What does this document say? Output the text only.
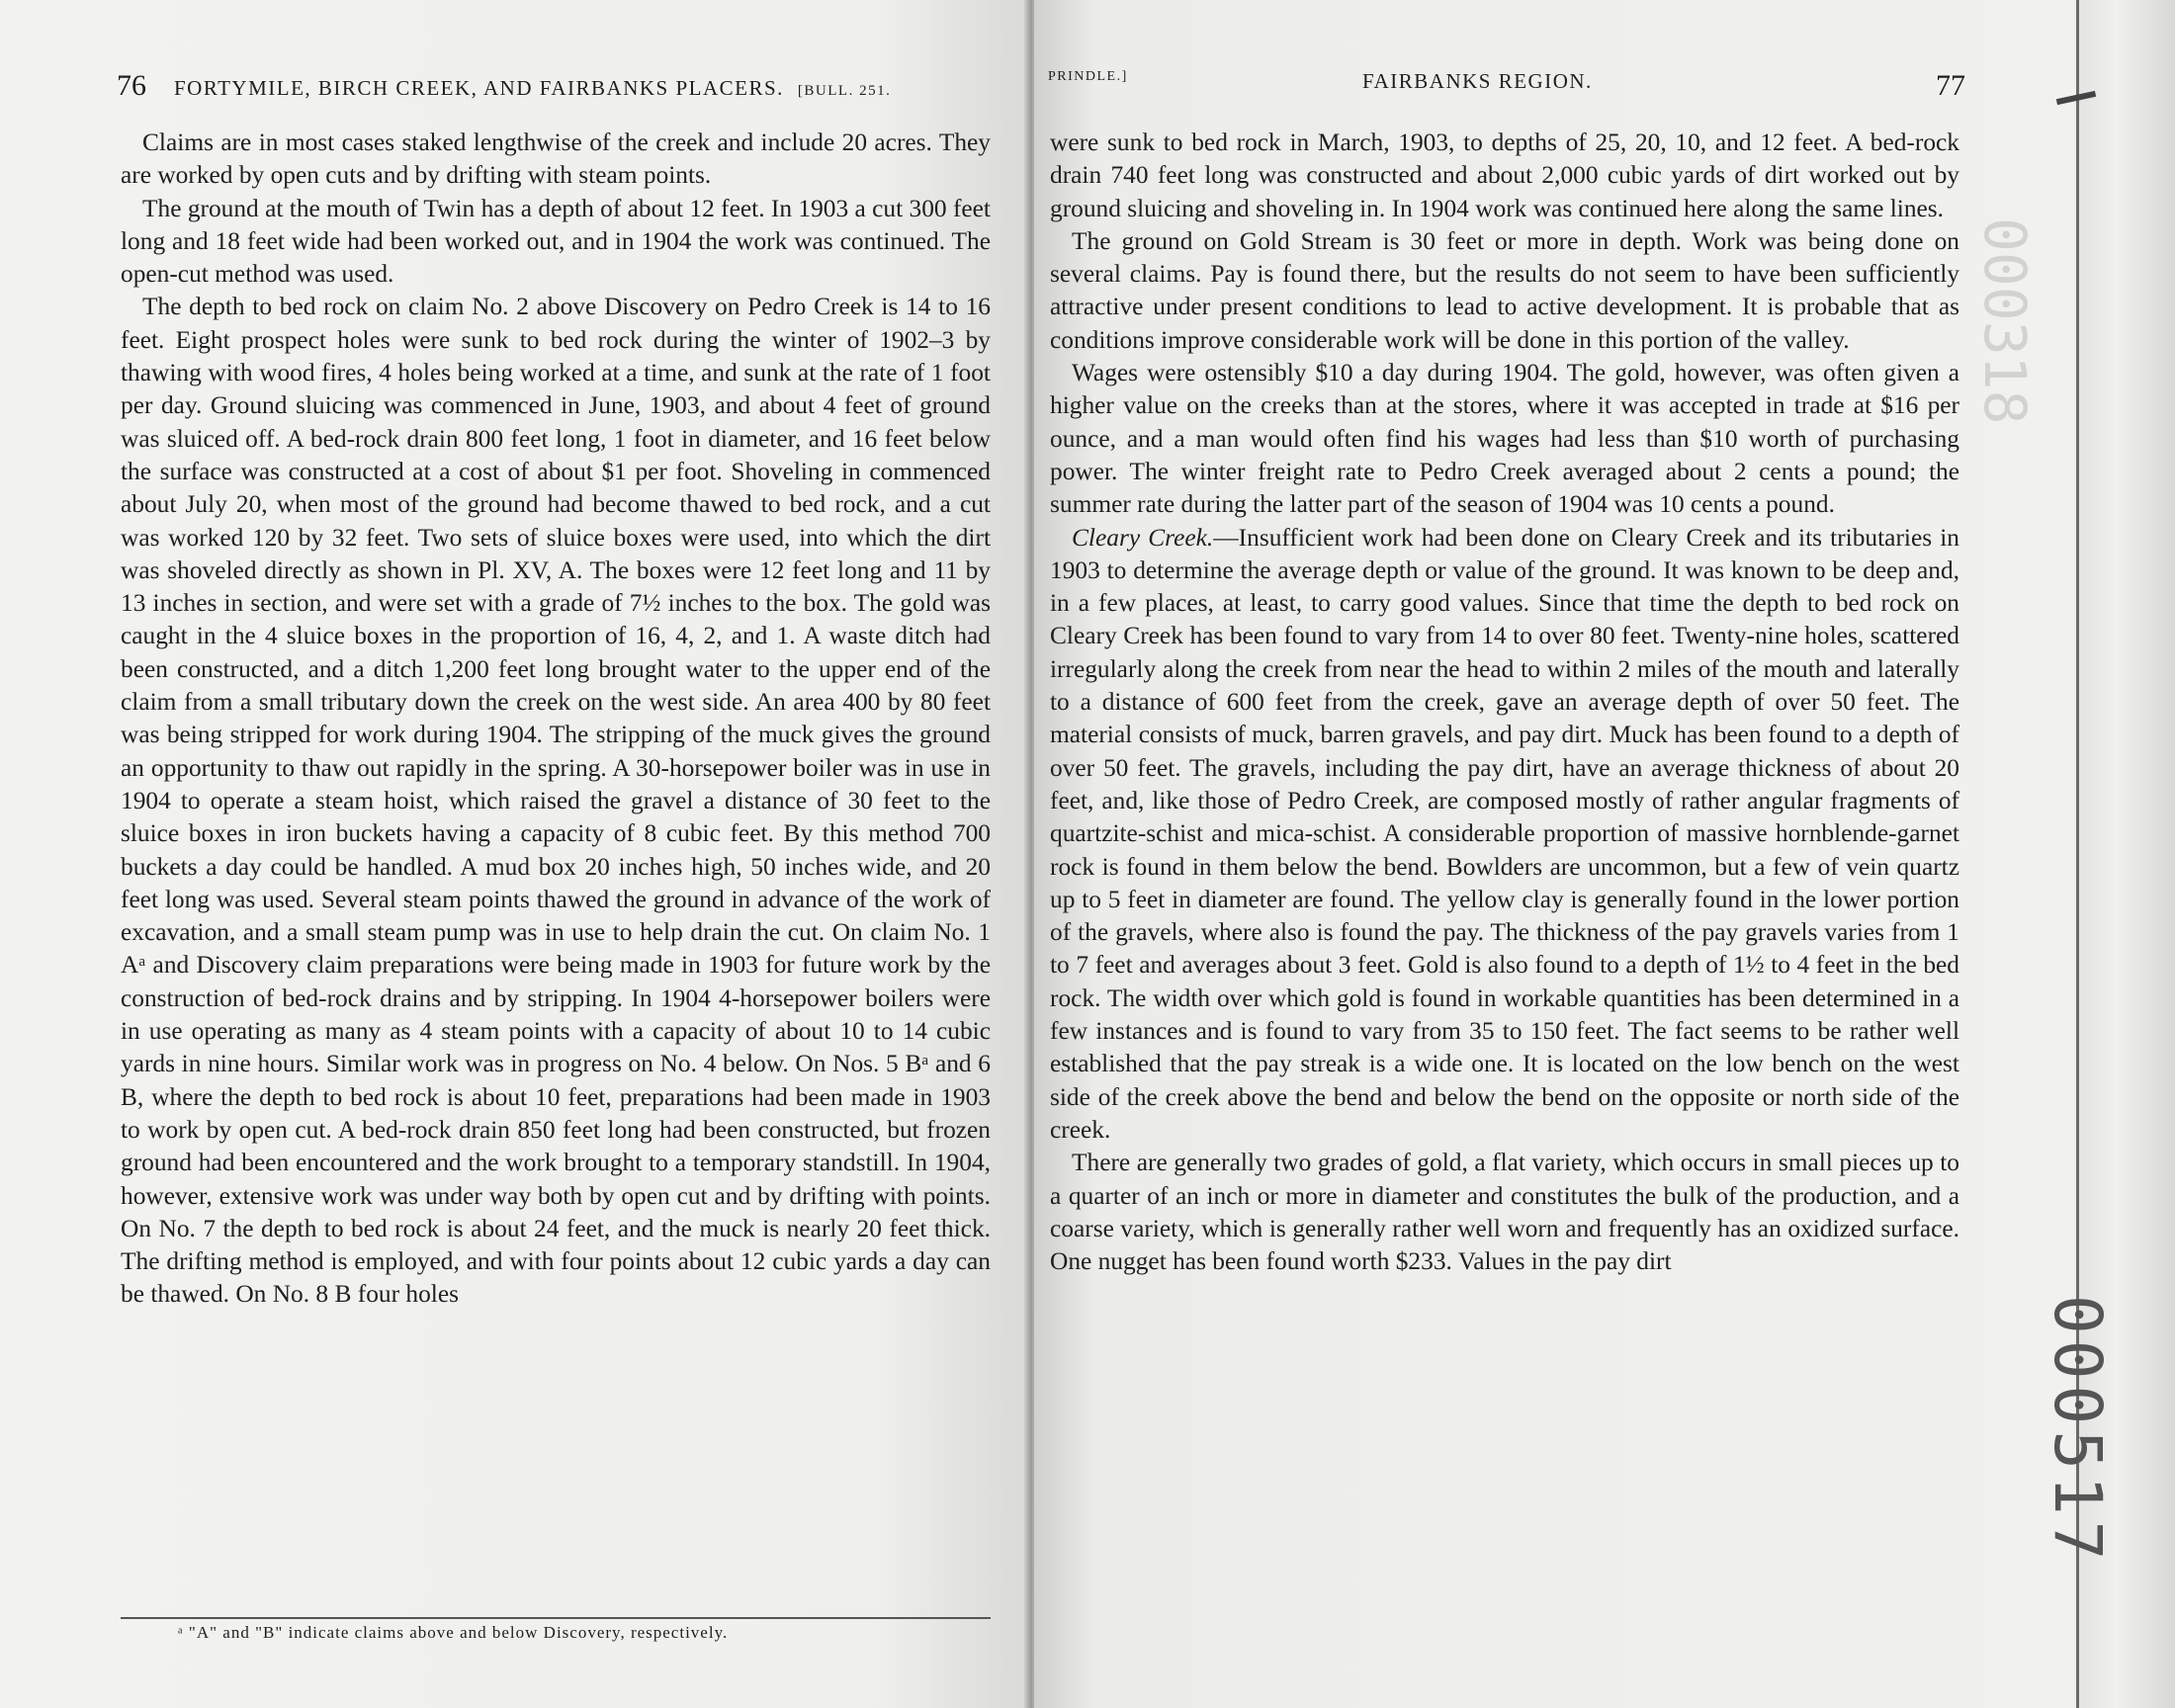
76 FORTYMILE, BIRCH CREEK, AND FAIRBANKS PLACERS. [BULL. 251.

Claims are in most cases staked lengthwise of the creek and include 20 acres. They are worked by open cuts and by drifting with steam points.

The ground at the mouth of Twin has a depth of about 12 feet. In 1903 a cut 300 feet long and 18 feet wide had been worked out, and in 1904 the work was continued. The open-cut method was used.

The depth to bed rock on claim No. 2 above Discovery on Pedro Creek is 14 to 16 feet. Eight prospect holes were sunk to bed rock during the winter of 1902–3 by thawing with wood fires, 4 holes being worked at a time, and sunk at the rate of 1 foot per day. Ground sluicing was commenced in June, 1903, and about 4 feet of ground was sluiced off. A bed-rock drain 800 feet long, 1 foot in diameter, and 16 feet below the surface was constructed at a cost of about $1 per foot. Shoveling in commenced about July 20, when most of the ground had become thawed to bed rock, and a cut was worked 120 by 32 feet. Two sets of sluice boxes were used, into which the dirt was shoveled directly as shown in Pl. XV, A. The boxes were 12 feet long and 11 by 13 inches in section, and were set with a grade of 7½ inches to the box. The gold was caught in the 4 sluice boxes in the proportion of 16, 4, 2, and 1. A waste ditch had been constructed, and a ditch 1,200 feet long brought water to the upper end of the claim from a small tributary down the creek on the west side. An area 400 by 80 feet was being stripped for work during 1904. The stripping of the muck gives the ground an opportunity to thaw out rapidly in the spring. A 30-horsepower boiler was in use in 1904 to operate a steam hoist, which raised the gravel a distance of 30 feet to the sluice boxes in iron buckets having a capacity of 8 cubic feet. By this method 700 buckets a day could be handled. A mud box 20 inches high, 50 inches wide, and 20 feet long was used. Several steam points thawed the ground in advance of the work of excavation, and a small steam pump was in use to help drain the cut. On claim No. 1 Aᵃ and Discovery claim preparations were being made in 1903 for future work by the construction of bed-rock drains and by stripping. In 1904 4-horsepower boilers were in use operating as many as 4 steam points with a capacity of about 10 to 14 cubic yards in nine hours. Similar work was in progress on No. 4 below. On Nos. 5 Bᵃ and 6 B, where the depth to bed rock is about 10 feet, preparations had been made in 1903 to work by open cut. A bed-rock drain 850 feet long had been constructed, but frozen ground had been encountered and the work brought to a temporary standstill. In 1904, however, extensive work was under way both by open cut and by drifting with points. On No. 7 the depth to bed rock is about 24 feet, and the muck is nearly 20 feet thick. The drifting method is employed, and with four points about 12 cubic yards a day can be thawed. On No. 8 B four holes

ᵃ "A" and "B" indicate claims above and below Discovery, respectively.
PRINDLE.]	FAIRBANKS REGION.	77

were sunk to bed rock in March, 1903, to depths of 25, 20, 10, and 12 feet. A bed-rock drain 740 feet long was constructed and about 2,000 cubic yards of dirt worked out by ground sluicing and shoveling in. In 1904 work was continued here along the same lines.

The ground on Gold Stream is 30 feet or more in depth. Work was being done on several claims. Pay is found there, but the results do not seem to have been sufficiently attractive under present conditions to lead to active development. It is probable that as conditions improve considerable work will be done in this portion of the valley.

Wages were ostensibly $10 a day during 1904. The gold, however, was often given a higher value on the creeks than at the stores, where it was accepted in trade at $16 per ounce, and a man would often find his wages had less than $10 worth of purchasing power. The winter freight rate to Pedro Creek averaged about 2 cents a pound; the summer rate during the latter part of the season of 1904 was 10 cents a pound.

Cleary Creek.—Insufficient work had been done on Cleary Creek and its tributaries in 1903 to determine the average depth or value of the ground. It was known to be deep and, in a few places, at least, to carry good values. Since that time the depth to bed rock on Cleary Creek has been found to vary from 14 to over 80 feet. Twenty-nine holes, scattered irregularly along the creek from near the head to within 2 miles of the mouth and laterally to a distance of 600 feet from the creek, gave an average depth of over 50 feet. The material consists of muck, barren gravels, and pay dirt. Muck has been found to a depth of over 50 feet. The gravels, including the pay dirt, have an average thickness of about 20 feet, and, like those of Pedro Creek, are composed mostly of rather angular fragments of quartzite-schist and mica-schist. A considerable proportion of massive hornblende-garnet rock is found in them below the bend. Bowlders are uncommon, but a few of vein quartz up to 5 feet in diameter are found. The yellow clay is generally found in the lower portion of the gravels, where also is found the pay. The thickness of the pay gravels varies from 1 to 7 feet and averages about 3 feet. Gold is also found to a depth of 1½ to 4 feet in the bed rock. The width over which gold is found in workable quantities has been determined in a few instances and is found to vary from 35 to 150 feet. The fact seems to be rather well established that the pay streak is a wide one. It is located on the low bench on the west side of the creek above the bend and below the bend on the opposite or north side of the creek.

There are generally two grades of gold, a flat variety, which occurs in small pieces up to a quarter of an inch or more in diameter and constitutes the bulk of the production, and a coarse variety, which is generally rather well worn and frequently has an oxidized surface. One nugget has been found worth $233. Values in the pay dirt

000318
000517
